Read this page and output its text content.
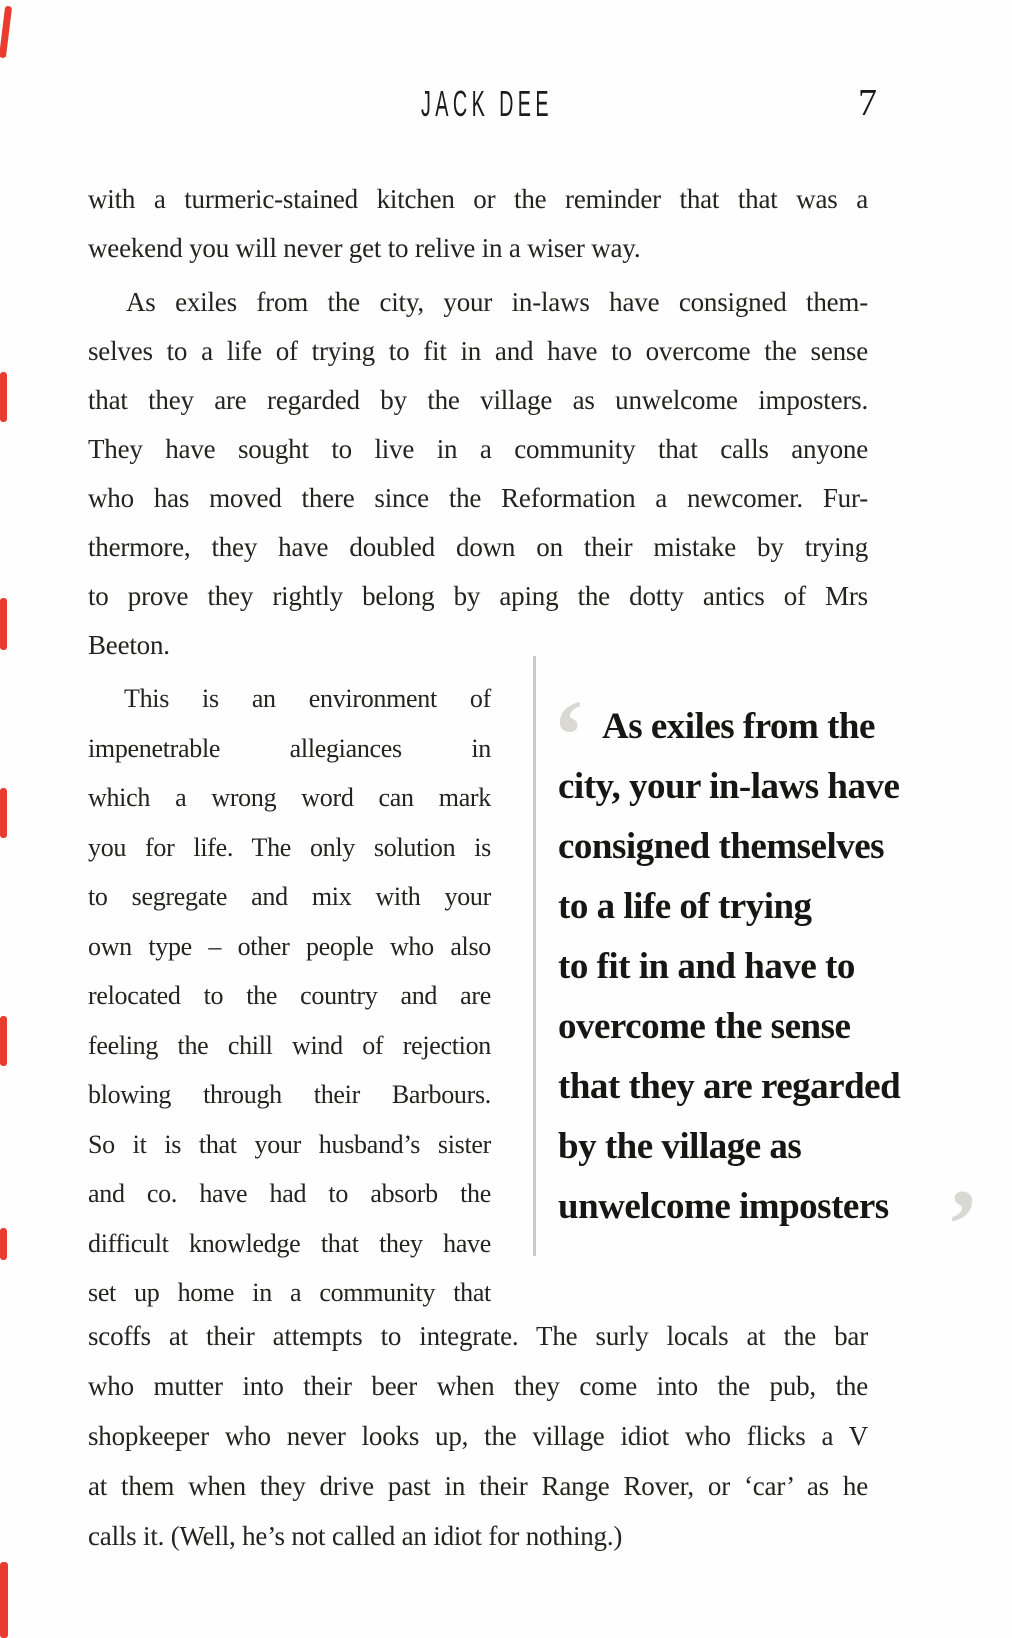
JACK DEE	7
with a turmeric-stained kitchen or the reminder that that was a
weekend you will never get to relive in a wiser way.
As exiles from the city, your in-laws have consigned them-
selves to a life of trying to fit in and have to overcome the sense
that they are regarded by the village as unwelcome imposters.
They have sought to live in a community that calls anyone
who has moved there since the Reformation a newcomer. Fur-
thermore, they have doubled down on their mistake by trying
to prove they rightly belong by aping the dotty antics of Mrs
Beeton.
This is an environment of
impenetrable allegiances in
which a wrong word can mark
you for life. The only solution is
to segregate and mix with your
own type – other people who also
relocated to the country and are
feeling the chill wind of rejection
blowing through their Barbours.
So it is that your husband’s sister
and co. have had to absorb the
difficult knowledge that they have
set up home in a community that
‘ As exiles from the
city, your in-laws have
consigned themselves
to a life of trying
to fit in and have to
overcome the sense
that they are regarded
by the village as
unwelcome imposters ’
scoffs at their attempts to integrate. The surly locals at the bar
who mutter into their beer when they come into the pub, the
shopkeeper who never looks up, the village idiot who flicks a V
at them when they drive past in their Range Rover, or ‘car’ as he
calls it. (Well, he’s not called an idiot for nothing.)
